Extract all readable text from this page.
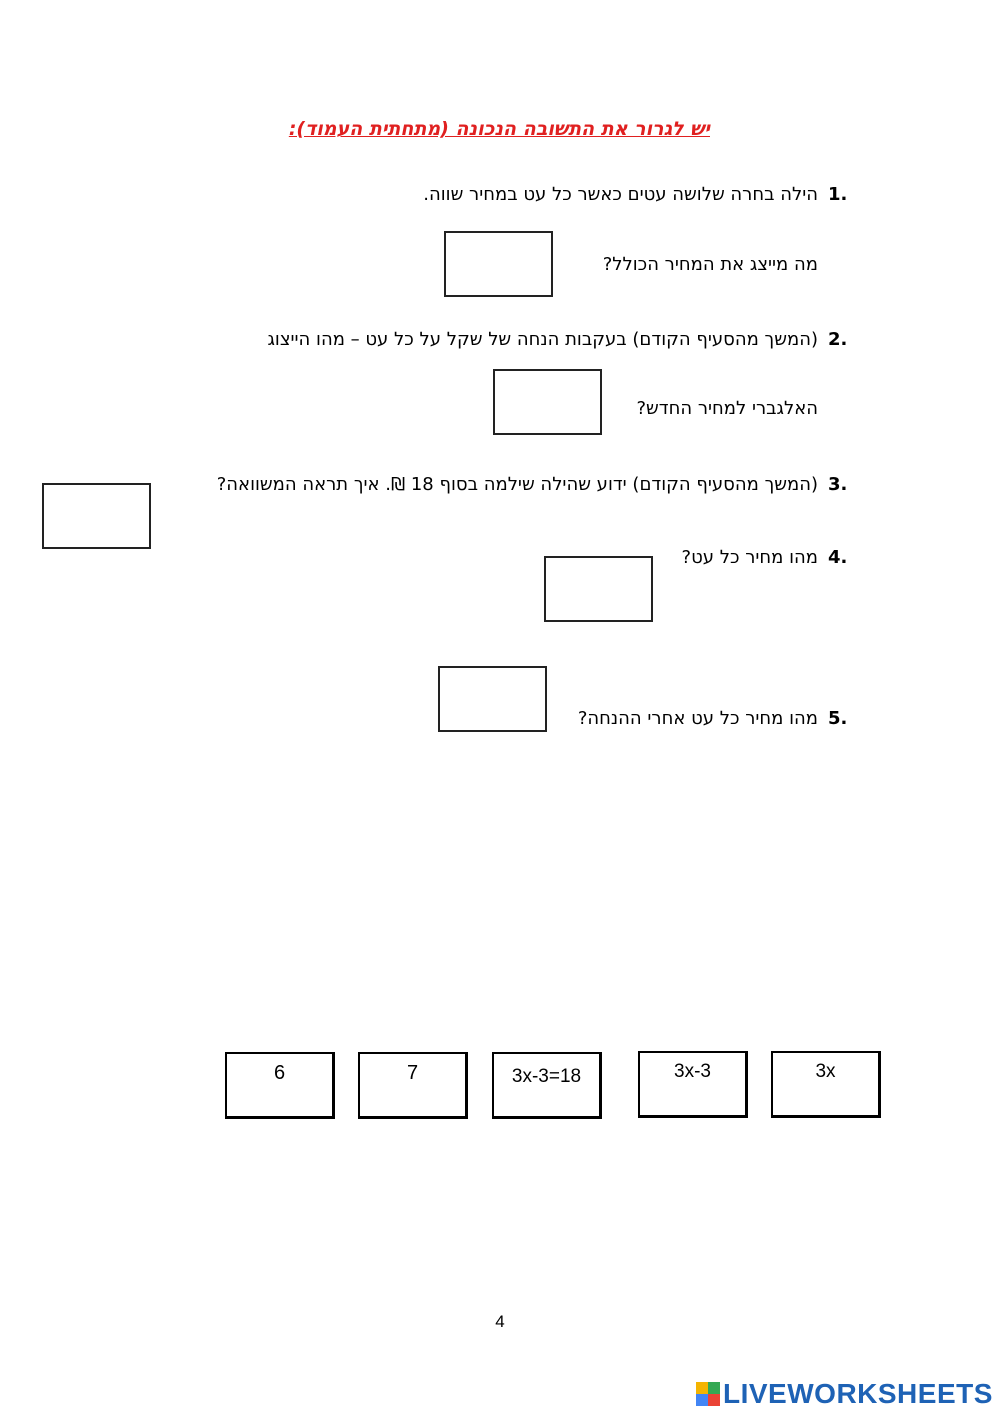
יש לגרור את התשובה הנכונה (מתחתית העמוד):
1.
הילה בחרה שלושה עטים כאשר כל עט במחיר שווה.
מה מייצג את המחיר הכולל?
2.
(המשך מהסעיף הקודם) בעקבות הנחה של שקל על כל עט – מהו הייצוג
האלגברי למחיר החדש?
3.
(המשך מהסעיף הקודם) ידוע שהילה שילמה בסוף 18 ₪. איך תראה המשוואה?
4.
מהו מחיר כל עט?
5.
מהו מחיר כל עט אחרי ההנחה?
6	7	3x-3=18	3x-3	3x
4
LIVEWORKSHEETS
